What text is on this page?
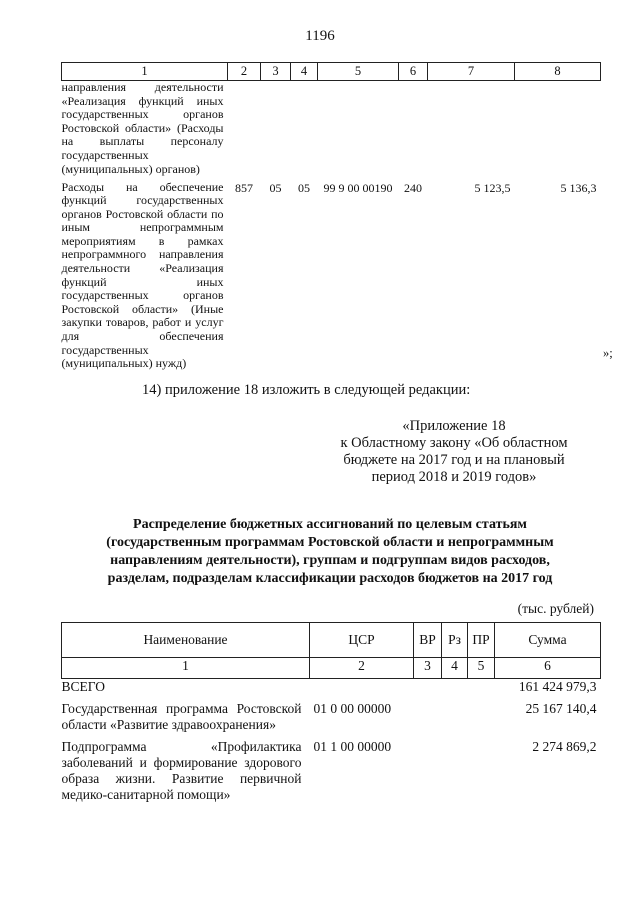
1196
1	2	3	4	5	6	7	8
направления деятельности «Реализация функций иных государственных органов Ростовской области» (Расходы на выплаты персоналу государственных (муниципальных) органов)							
Расходы на обеспечение функций государственных органов Ростовской области по иным непрограммным мероприятиям в рамках непрограммного направления деятельности «Реализация функций иных государственных органов Ростовской области» (Иные закупки товаров, работ и услуг для обеспечения государственных (муниципальных) нужд)	857	05	05	99 9 00 00190	240	5 123,5	5 136,3
»;
14) приложение 18 изложить в следующей редакции:
«Приложение 18
к Областному закону «Об областном
бюджете на 2017 год и на плановый
период 2018 и 2019 годов»
Распределение бюджетных ассигнований по целевым статьям
(государственным программам Ростовской области и непрограммным
направлениям деятельности), группам и подгруппам видов расходов,
разделам, подразделам классификации расходов бюджетов на 2017 год
(тыс. рублей)
Наименование	ЦСР	ВР	Рз	ПР	Сумма
1	2	3	4	5	6
ВСЕГО					161 424 979,3

Государственная программа Ростовской области «Развитие здравоохранения»	01 0 00 00000				25 167 140,4

Подпрограмма «Профилактика заболеваний и формирование здорового образа жизни. Развитие первичной медико-санитарной помощи»	01 1 00 00000				2 274 869,2
